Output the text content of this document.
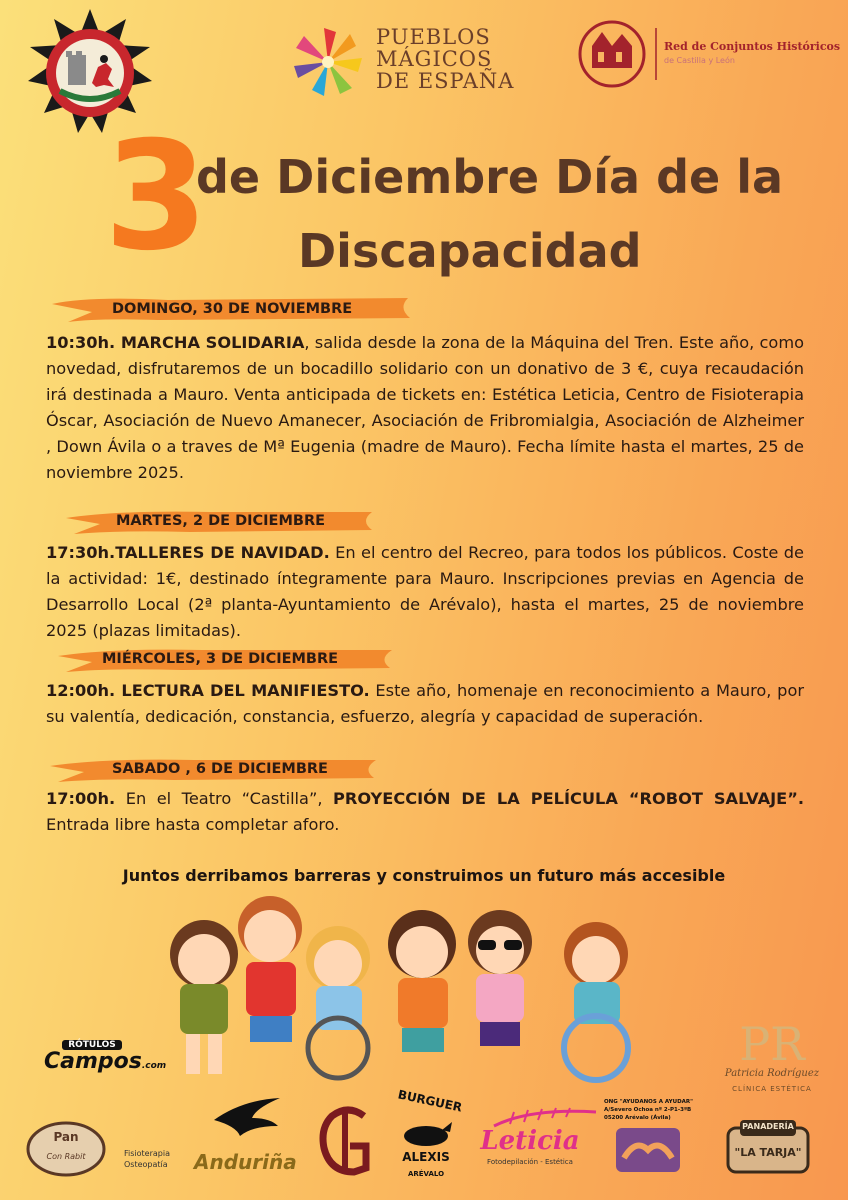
PUEBLOS
MÁGICOS
DE ESPAÑA
Red de Conjuntos Históricos
de Castilla y León
3
de Diciembre Día de la
Discapacidad
DOMINGO, 30 DE NOVIEMBRE
10:30h. MARCHA SOLIDARIA, salida desde la zona de la Máquina del Tren. Este año, como novedad, disfrutaremos de un bocadillo solidario con un donativo de 3 €, cuya recaudación irá destinada a Mauro. Venta anticipada de tickets en: Estética Leticia, Centro de Fisioterapia Óscar, Asociación de Nuevo Amanecer, Asociación de Fribromialgia, Asociación de Alzheimer , Down Ávila o a traves de Mª Eugenia (madre de Mauro). Fecha límite hasta el martes, 25 de noviembre 2025.
MARTES, 2 DE DICIEMBRE
17:30h.TALLERES DE NAVIDAD. En el centro del Recreo, para todos los públicos. Coste de la actividad: 1€, destinado íntegramente para Mauro. Inscripciones previas en Agencia de Desarrollo Local (2ª planta-Ayuntamiento de Arévalo), hasta el martes, 25 de noviembre 2025 (plazas limitadas).
MIÉRCOLES, 3 DE DICIEMBRE
12:00h. LECTURA DEL MANIFIESTO. Este año, homenaje en reconocimiento a Mauro, por su valentía, dedicación, constancia, esfuerzo, alegría y capacidad de superación.
SABADO , 6 DE DICIEMBRE
17:00h. En el Teatro “Castilla”, PROYECCIÓN DE LA PELÍCULA “ROBOT SALVAJE”. Entrada libre hasta completar aforo.
Juntos derribamos barreras y construimos un futuro más accesible
RÓTULOS
Campos.com	PR
Patricia Rodríguez
CLÍNICA ESTÉTICA
Pan
Con Rabit	Fisioterapia
Osteopatía Anduriña
BURGUER
ALEXIS
ARÉVALO
Leticia
Fotodepilación - Estética
ONG "AYUDANOS A AYUDAR"
A/Severo Ochoa nº 2-P1-3ºB
05200 Arévalo (Ávila)
PANADERÍA
"LA TARJA"
